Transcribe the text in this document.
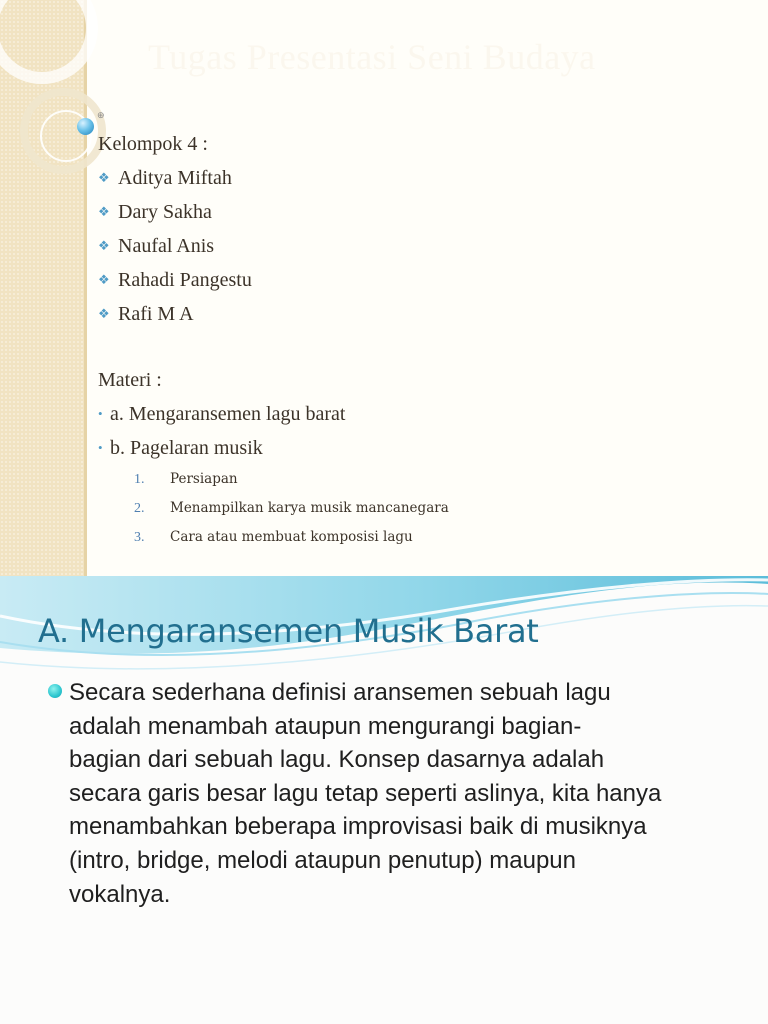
⊕
Tugas Presentasi Seni Budaya
Kelompok 4 :
❖ Aditya Miftah
❖ Dary Sakha
❖ Naufal Anis
❖ Rahadi Pangestu
❖ Rafi M A
Materi :
• a. Mengaransemen lagu barat
• b. Pagelaran musik
1. Persiapan
2. Menampilkan karya musik mancanegara
3. Cara atau membuat komposisi lagu
A. Mengaransemen Musik Barat

Secara sederhana definisi aransemen sebuah lagu
adalah menambah ataupun mengurangi bagian-
bagian dari sebuah lagu. Konsep dasarnya adalah
secara garis besar lagu tetap seperti aslinya, kita hanya
menambahkan beberapa improvisasi baik di musiknya
(intro, bridge, melodi ataupun penutup) maupun
vokalnya.
